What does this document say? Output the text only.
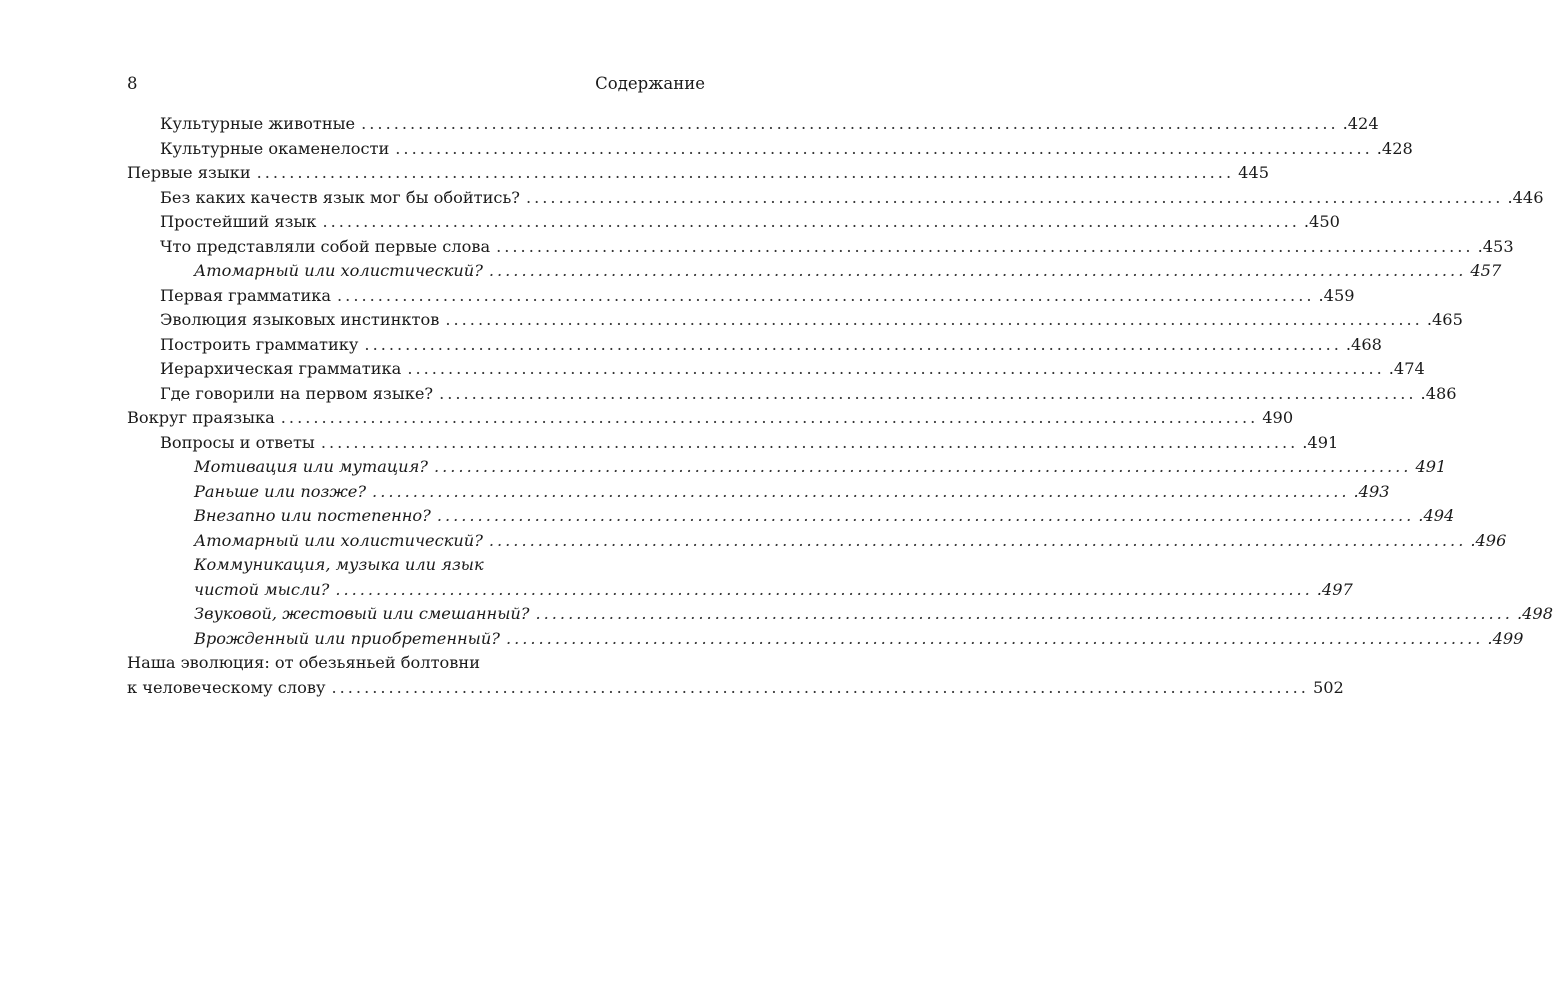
8	Содержание
Культурные животные ........................................................................................................................ .424
Культурные окаменелости ........................................................................................................................ .428
Первые языки ........................................................................................................................ 445
Без каких качеств язык мог бы обойтись? ........................................................................................................................ .446
Простейший язык ........................................................................................................................ .450
Что представляли собой первые слова ........................................................................................................................ .453
Атомарный или холистический? ........................................................................................................................ 457
Первая грамматика ........................................................................................................................ .459
Эволюция языковых инстинктов ........................................................................................................................ .465
Построить грамматику ........................................................................................................................ .468
Иерархическая грамматика ........................................................................................................................ .474
Где говорили на первом языке? ........................................................................................................................ .486
Вокруг праязыка ........................................................................................................................ 490
Вопросы и ответы ........................................................................................................................ .491
Мотивация или мутация? ........................................................................................................................ 491
Раньше или позже? ........................................................................................................................ .493
Внезапно или постепенно? ........................................................................................................................ .494
Атомарный или холистический? ........................................................................................................................ .496
Коммуникация, музыка или язык
чистой мысли? ........................................................................................................................ .497
Звуковой, жестовый или смешанный? ........................................................................................................................ .498
Врожденный или приобретенный? ........................................................................................................................ .499
Наша эволюция: от обезьяньей болтовни
к человеческому слову ........................................................................................................................ 502
